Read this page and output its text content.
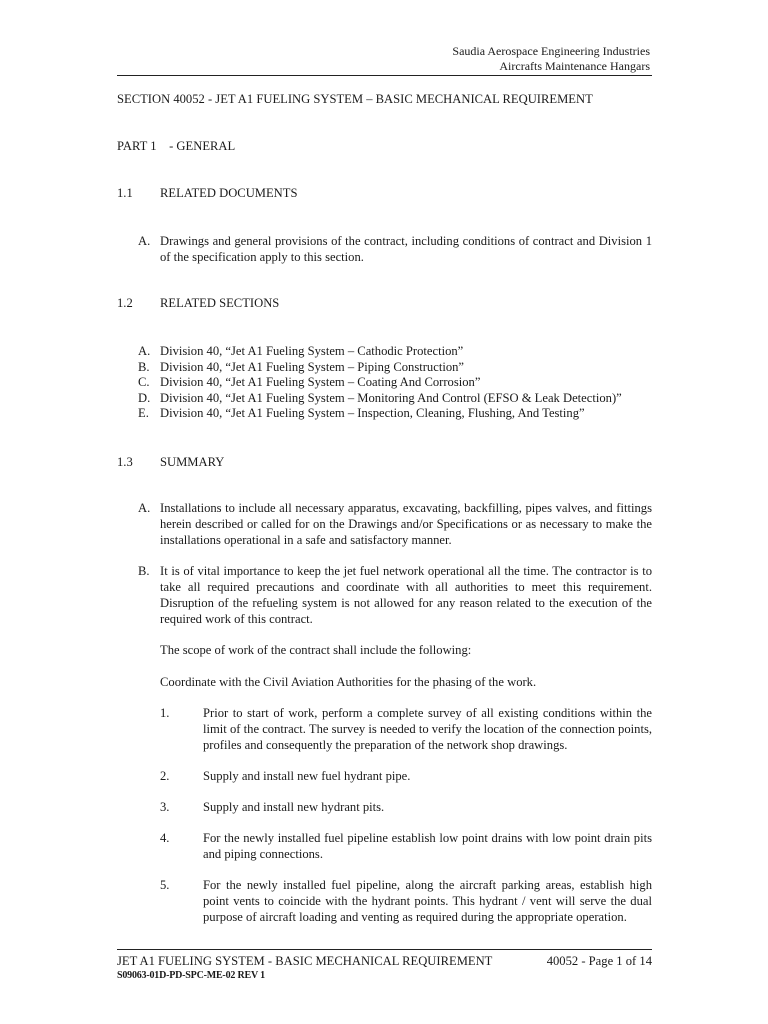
Saudia Aerospace Engineering Industries
Aircrafts Maintenance Hangars
SECTION 40052 - JET A1 FUELING SYSTEM – BASIC MECHANICAL REQUIREMENT
PART 1    - GENERAL
1.1 RELATED DOCUMENTS
A. Drawings and general provisions of the contract, including conditions of contract and Division 1 of the specification apply to this section.
1.2 RELATED SECTIONS
A. Division 40, “Jet A1 Fueling System – Cathodic Protection”
B. Division 40, “Jet A1 Fueling System – Piping Construction”
C. Division 40, “Jet A1 Fueling System – Coating And Corrosion”
D. Division 40, “Jet A1 Fueling System – Monitoring And Control (EFSO & Leak Detection)”
E. Division 40, “Jet A1 Fueling System – Inspection, Cleaning, Flushing, And Testing”
1.3 SUMMARY
A. Installations to include all necessary apparatus, excavating, backfilling, pipes valves, and fittings herein described or called for on the Drawings and/or Specifications or as necessary to make the installations operational in a safe and satisfactory manner.
B. It is of vital importance to keep the jet fuel network operational all the time. The contractor is to take all required precautions and coordinate with all authorities to meet this requirement. Disruption of the refueling system is not allowed for any reason related to the execution of the required work of this contract.
The scope of work of the contract shall include the following:
Coordinate with the Civil Aviation Authorities for the phasing of the work.
1.	Prior to start of work, perform a complete survey of all existing conditions within the limit of the contract. The survey is needed to verify the location of the connection points, profiles and consequently the preparation of the network shop drawings.
2.	Supply and install new fuel hydrant pipe.
3.	Supply and install new hydrant pits.
4.	For the newly installed fuel pipeline establish low point drains with low point drain pits and piping connections.
5.	For the newly installed fuel pipeline, along the aircraft parking areas, establish high point vents to coincide with the hydrant points. This hydrant / vent will serve the dual purpose of aircraft loading and venting as required during the appropriate operation.
JET A1 FUELING SYSTEM - BASIC MECHANICAL REQUIREMENT	40052 - Page 1 of 14
S09063-01D-PD-SPC-ME-02 REV 1
